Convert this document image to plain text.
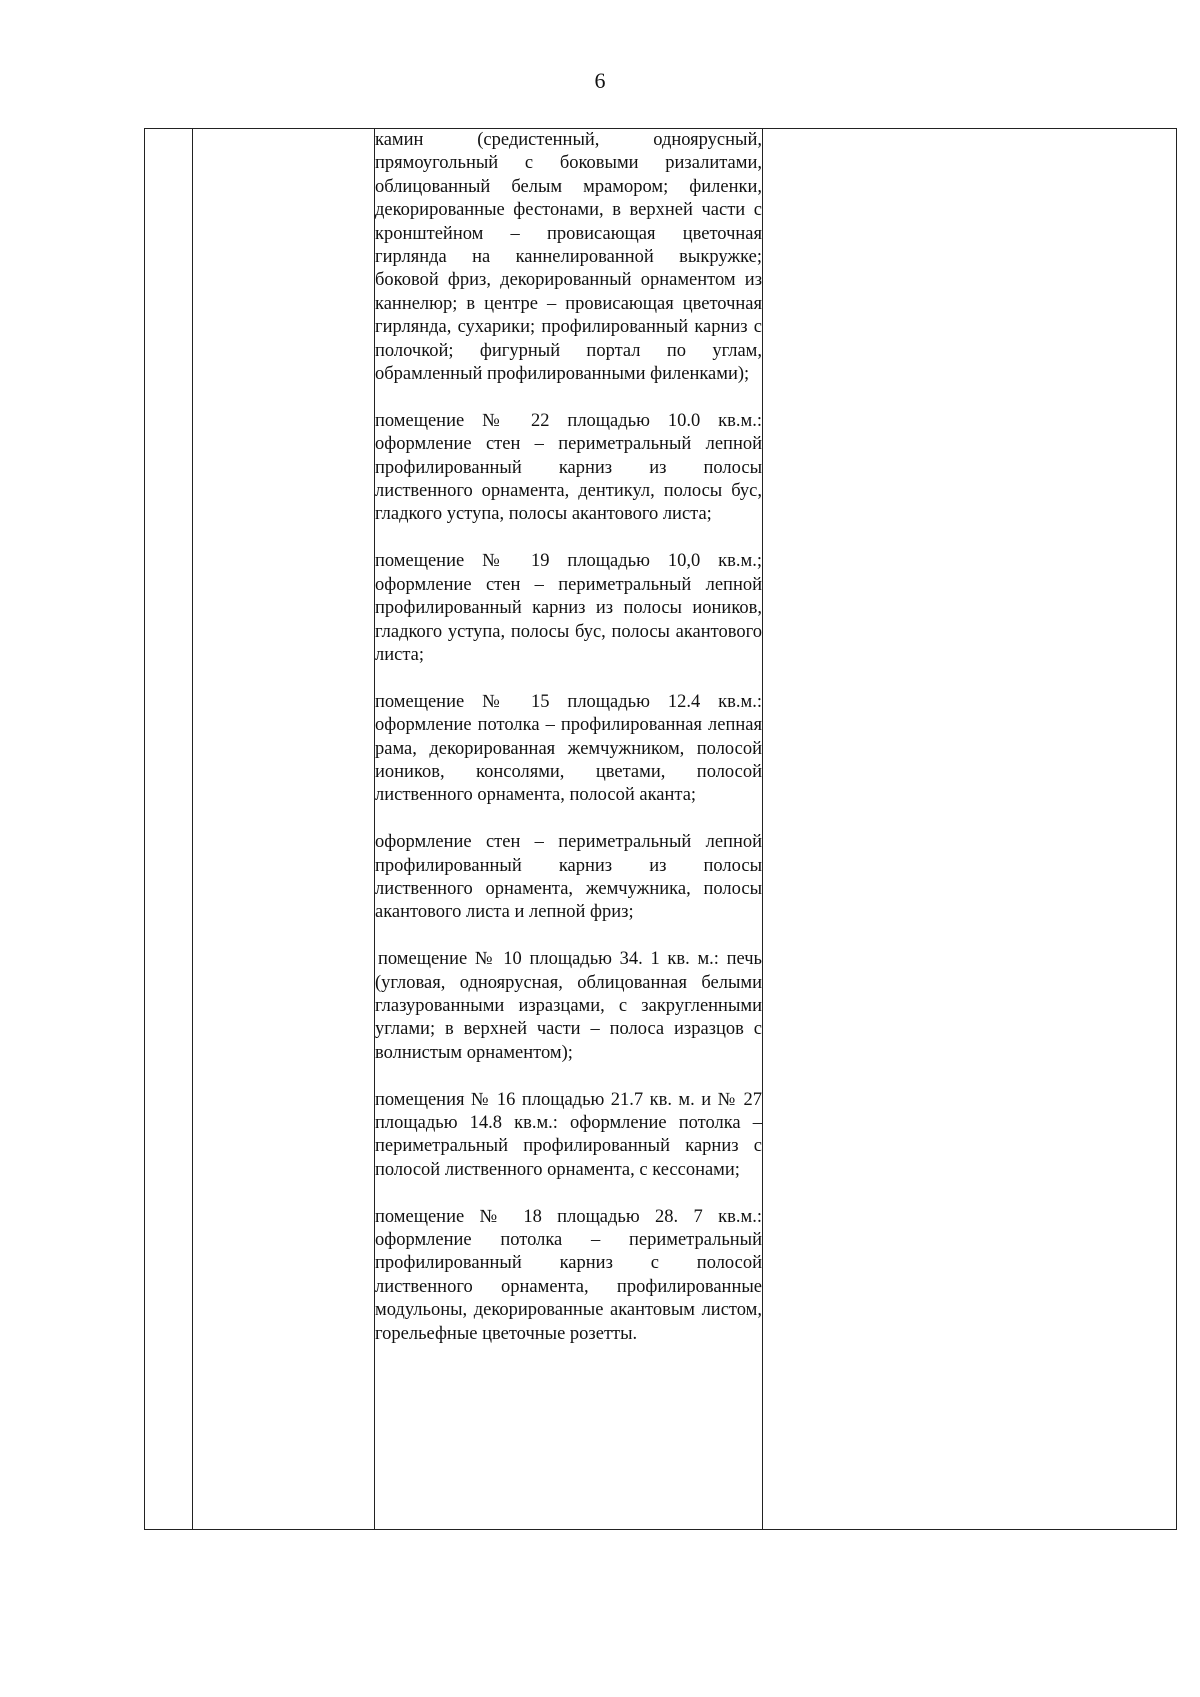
6

камин (средистенный, одноярусный, прямоугольный с боковыми ризалитами, облицованный белым мрамором; филенки, декорированные фестонами, в верхней части с кронштейном – провисающая цветочная гирлянда на каннелированной выкружке; боковой фриз, декорированный орнаментом из каннелюр; в центре – провисающая цветочная гирлянда, сухарики; профилированный карниз с полочкой; фигурный портал по углам, обрамленный профилированными филенками);
помещение № 22 площадью 10.0 кв.м.: оформление стен – периметральный лепной профилированный карниз из полосы лиственного орнамента, дентикул, полосы бус, гладкого уступа, полосы акантового листа;
помещение № 19 площадью 10,0 кв.м.; оформление стен – периметральный лепной профилированный карниз из полосы иоников, гладкого уступа, полосы бус, полосы акантового листа;
помещение № 15 площадью 12.4 кв.м.: оформление потолка – профилированная лепная рама, декорированная жемчужником, полосой иоников, консолями, цветами, полосой лиственного орнамента, полосой аканта;
оформление стен – периметральный лепной профилированный карниз из полосы лиственного орнамента, жемчужника, полосы акантового листа и лепной фриз;
помещение № 10 площадью 34. 1 кв. м.: печь (угловая, одноярусная, облицованная белыми глазурованными изразцами, с закругленными углами; в верхней части – полоса изразцов с волнистым орнаментом);
помещения № 16 площадью 21.7 кв. м. и № 27 площадью 14.8 кв.м.: оформление потолка – периметральный профилированный карниз с полосой лиственного орнамента, с кессонами;
помещение № 18 площадью 28. 7 кв.м.: оформление потолка – периметральный профилированный карниз с полосой лиственного орнамента, профилированные модульоны, декорированные акантовым листом, горельефные цветочные розетты.
